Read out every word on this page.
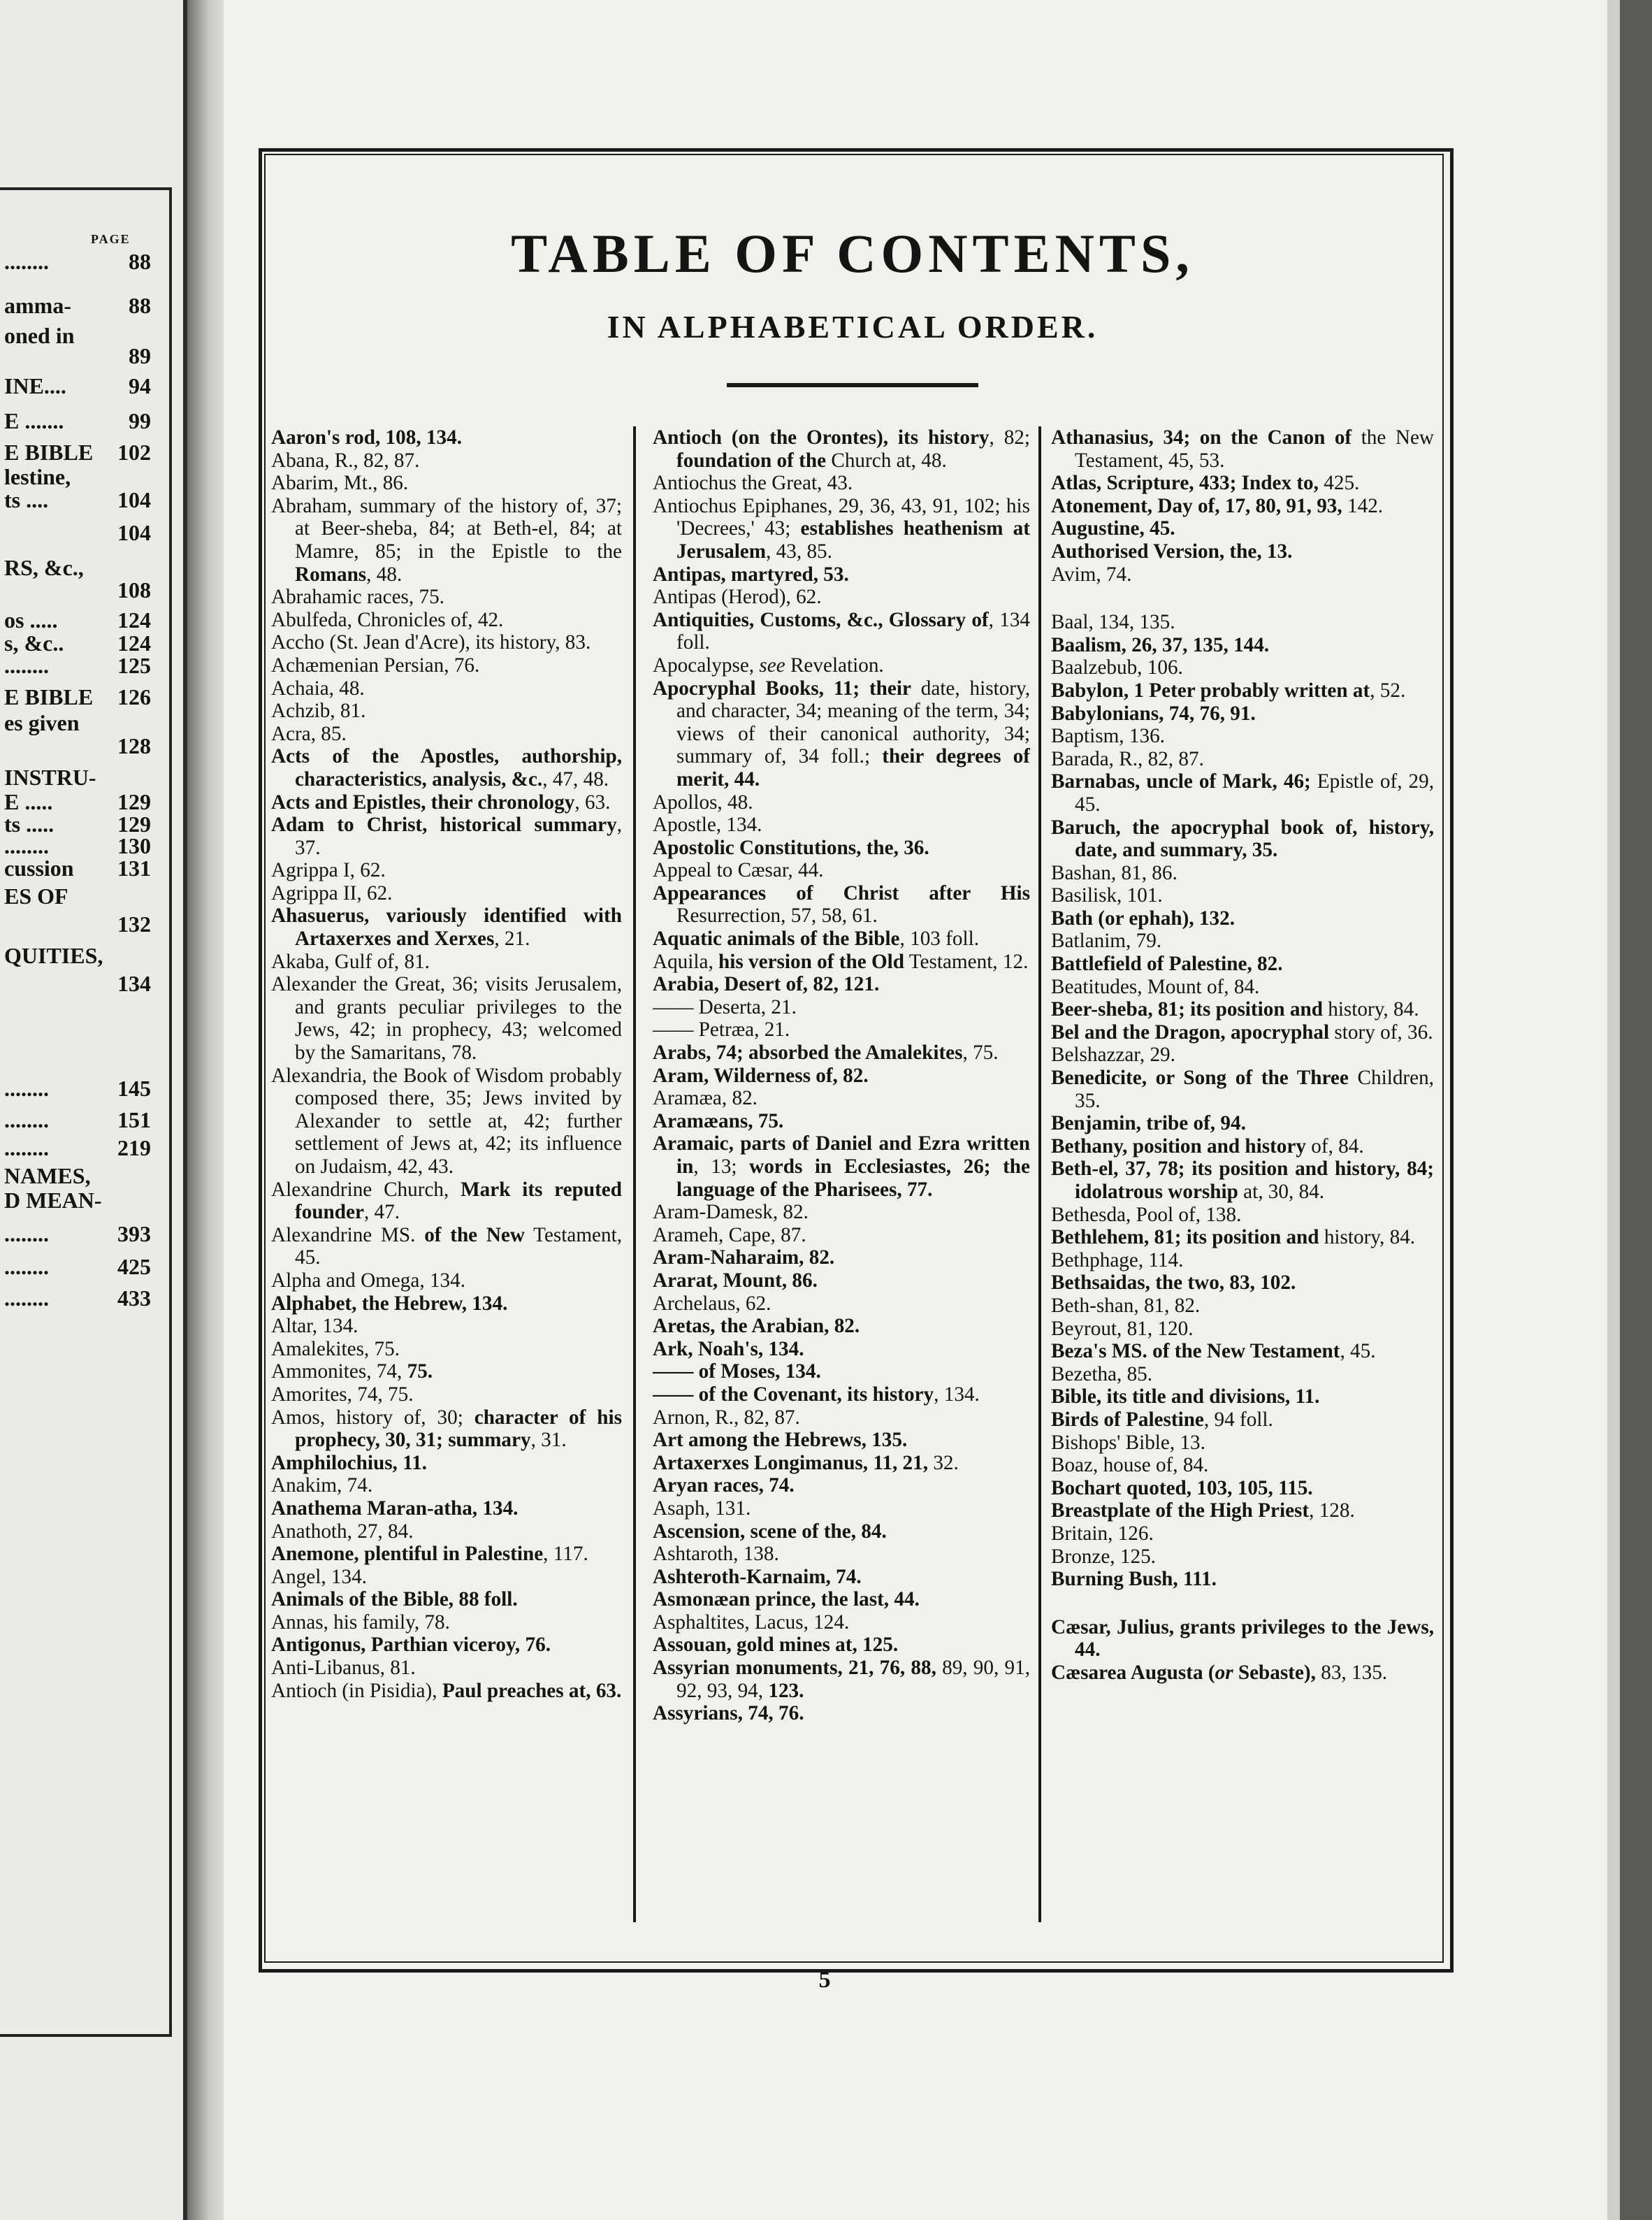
PAGE
........	88
amma-	88
oned in
89
INE....	94
E .......	99
E BIBLE 102
lestine,
ts ....	104
104
RS, &c.,
108
os .....	124
s, &c.. 124
........	125
E BIBLE 126
es given
128
INSTRU-
E .....	129
ts .....	129
........	130
cussion 131
ES OF
132
QUITIES,
134
........	145
........	151
........	219
NAMES,
D MEAN-
........	393
........	425
........	433
TABLE OF CONTENTS,
IN ALPHABETICAL ORDER.

Aaron's rod, 108, 134.

Abana, R., 82, 87.

Abarim, Mt., 86.

Abraham, summary of the history of, 37; at Beer-sheba, 84; at Beth-el, 84; at Mamre, 85; in the Epistle to the Romans, 48.

Abrahamic races, 75.

Abulfeda, Chronicles of, 42.

Accho (St. Jean d'Acre), its history, 83.

Achæmenian Persian, 76.

Achaia, 48.

Achzib, 81.

Acra, 85.

Acts of the Apostles, authorship, characteristics, analysis, &c., 47, 48.

Acts and Epistles, their chronology, 63.

Adam to Christ, historical summary, 37.

Agrippa I, 62.

Agrippa II, 62.

Ahasuerus, variously identified with Artaxerxes and Xerxes, 21.

Akaba, Gulf of, 81.

Alexander the Great, 36; visits Jerusalem, and grants peculiar privileges to the Jews, 42; in prophecy, 43; welcomed by the Samaritans, 78.

Alexandria, the Book of Wisdom probably composed there, 35; Jews invited by Alexander to settle at, 42; further settlement of Jews at, 42; its influence on Judaism, 42, 43.

Alexandrine Church, Mark its reputed founder, 47.

Alexandrine MS. of the New Testament, 45.

Alpha and Omega, 134.

Alphabet, the Hebrew, 134.

Altar, 134.

Amalekites, 75.

Ammonites, 74, 75.

Amorites, 74, 75.

Amos, history of, 30; character of his prophecy, 30, 31; summary, 31.

Amphilochius, 11.

Anakim, 74.

Anathema Maran-atha, 134.

Anathoth, 27, 84.

Anemone, plentiful in Palestine, 117.

Angel, 134.

Animals of the Bible, 88 foll.

Annas, his family, 78.

Antigonus, Parthian viceroy, 76.

Anti-Libanus, 81.

Antioch (in Pisidia), Paul preaches at, 63.

Antioch (on the Orontes), its history, 82; foundation of the Church at, 48.

Antiochus the Great, 43.

Antiochus Epiphanes, 29, 36, 43, 91, 102; his 'Decrees,' 43; establishes heathenism at Jerusalem, 43, 85.

Antipas, martyred, 53.

Antipas (Herod), 62.

Antiquities, Customs, &c., Glossary of, 134 foll.

Apocalypse, see Revelation.

Apocryphal Books, 11; their date, history, and character, 34; meaning of the term, 34; views of their canonical authority, 34; summary of, 34 foll.; their degrees of merit, 44.

Apollos, 48.

Apostle, 134.

Apostolic Constitutions, the, 36.

Appeal to Cæsar, 44.

Appearances of Christ after His Resurrection, 57, 58, 61.

Aquatic animals of the Bible, 103 foll.

Aquila, his version of the Old Testament, 12.

Arabia, Desert of, 82, 121.

—— Deserta, 21.

—— Petræa, 21.

Arabs, 74; absorbed the Amalekites, 75.

Aram, Wilderness of, 82.

Aramæa, 82.

Aramæans, 75.

Aramaic, parts of Daniel and Ezra written in, 13; words in Ecclesiastes, 26; the language of the Pharisees, 77.

Aram-Damesk, 82.

Arameh, Cape, 87.

Aram-Naharaim, 82.

Ararat, Mount, 86.

Archelaus, 62.

Aretas, the Arabian, 82.

Ark, Noah's, 134.

—— of Moses, 134.

—— of the Covenant, its history, 134.

Arnon, R., 82, 87.

Art among the Hebrews, 135.

Artaxerxes Longimanus, 11, 21, 32.

Aryan races, 74.

Asaph, 131.

Ascension, scene of the, 84.

Ashtaroth, 138.

Ashteroth-Karnaim, 74.

Asmonæan prince, the last, 44.

Asphaltites, Lacus, 124.

Assouan, gold mines at, 125.

Assyrian monuments, 21, 76, 88, 89, 90, 91, 92, 93, 94, 123.

Assyrians, 74, 76.

Athanasius, 34; on the Canon of the New Testament, 45, 53.

Atlas, Scripture, 433; Index to, 425.

Atonement, Day of, 17, 80, 91, 93, 142.

Augustine, 45.

Authorised Version, the, 13.

Avim, 74.

Baal, 134, 135.

Baalism, 26, 37, 135, 144.

Baalzebub, 106.

Babylon, 1 Peter probably written at, 52.

Babylonians, 74, 76, 91.

Baptism, 136.

Barada, R., 82, 87.

Barnabas, uncle of Mark, 46; Epistle of, 29, 45.

Baruch, the apocryphal book of, history, date, and summary, 35.

Bashan, 81, 86.

Basilisk, 101.

Bath (or ephah), 132.

Batlanim, 79.

Battlefield of Palestine, 82.

Beatitudes, Mount of, 84.

Beer-sheba, 81; its position and history, 84.

Bel and the Dragon, apocryphal story of, 36.

Belshazzar, 29.

Benedicite, or Song of the Three Children, 35.

Benjamin, tribe of, 94.

Bethany, position and history of, 84.

Beth-el, 37, 78; its position and history, 84; idolatrous worship at, 30, 84.

Bethesda, Pool of, 138.

Bethlehem, 81; its position and history, 84.

Bethphage, 114.

Bethsaidas, the two, 83, 102.

Beth-shan, 81, 82.

Beyrout, 81, 120.

Beza's MS. of the New Testament, 45.

Bezetha, 85.

Bible, its title and divisions, 11.

Birds of Palestine, 94 foll.

Bishops' Bible, 13.

Boaz, house of, 84.

Bochart quoted, 103, 105, 115.

Breastplate of the High Priest, 128.

Britain, 126.

Bronze, 125.

Burning Bush, 111.

Cæsar, Julius, grants privileges to the Jews, 44.

Cæsarea Augusta (or Sebaste), 83, 135.

5
